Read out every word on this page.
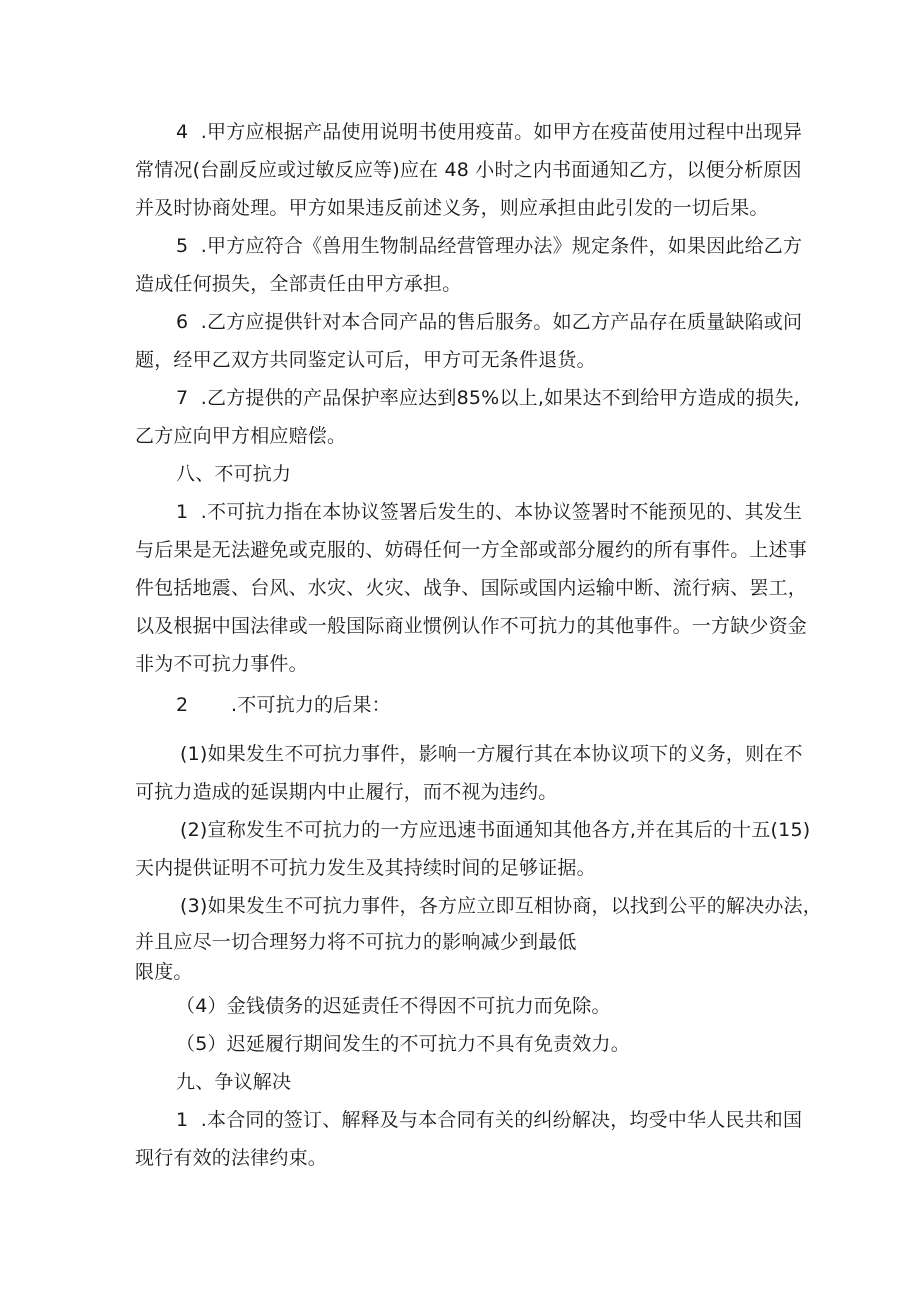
4  .甲方应根据产品使用说明书使用疫苗。如甲方在疫苗使用过程中出现异
常情况(台副反应或过敏反应等)应在 48 小时之内书面通知乙方，以便分析原因
并及时协商处理。甲方如果违反前述义务，则应承担由此引发的一切后果。
5  .甲方应符合《兽用生物制品经营管理办法》规定条件，如果因此给乙方
造成任何损失，全部责任由甲方承担。
6  .乙方应提供针对本合同产品的售后服务。如乙方产品存在质量缺陷或问
题，经甲乙双方共同鉴定认可后，甲方可无条件退货。
7  .乙方提供的产品保护率应达到85%以上,如果达不到给甲方造成的损失,
乙方应向甲方相应赔偿。
八、不可抗力
1  .不可抗力指在本协议签署后发生的、本协议签署时不能预见的、其发生
与后果是无法避免或克服的、妨碍任何一方全部或部分履约的所有事件。上述事
件包括地震、台风、水灾、火灾、战争、国际或国内运输中断、流行病、罢工，
以及根据中国法律或一般国际商业惯例认作不可抗力的其他事件。一方缺少资金
非为不可抗力事件。
2 .不可抗力的后果：
(1)如果发生不可抗力事件，影响一方履行其在本协议项下的义务，则在不
可抗力造成的延误期内中止履行，而不视为违约。
(2)宣称发生不可抗力的一方应迅速书面通知其他各方,并在其后的十五(15)
天内提供证明不可抗力发生及其持续时间的足够证据。
(3)如果发生不可抗力事件，各方应立即互相协商，以找到公平的解决办法，
并且应尽一切合理努力将不可抗力的影响减少到最低
限度。
（4）金钱债务的迟延责任不得因不可抗力而免除。
（5）迟延履行期间发生的不可抗力不具有免责效力。
九、争议解决
1  .本合同的签订、解释及与本合同有关的纠纷解决，均受中华人民共和国
现行有效的法律约束。
